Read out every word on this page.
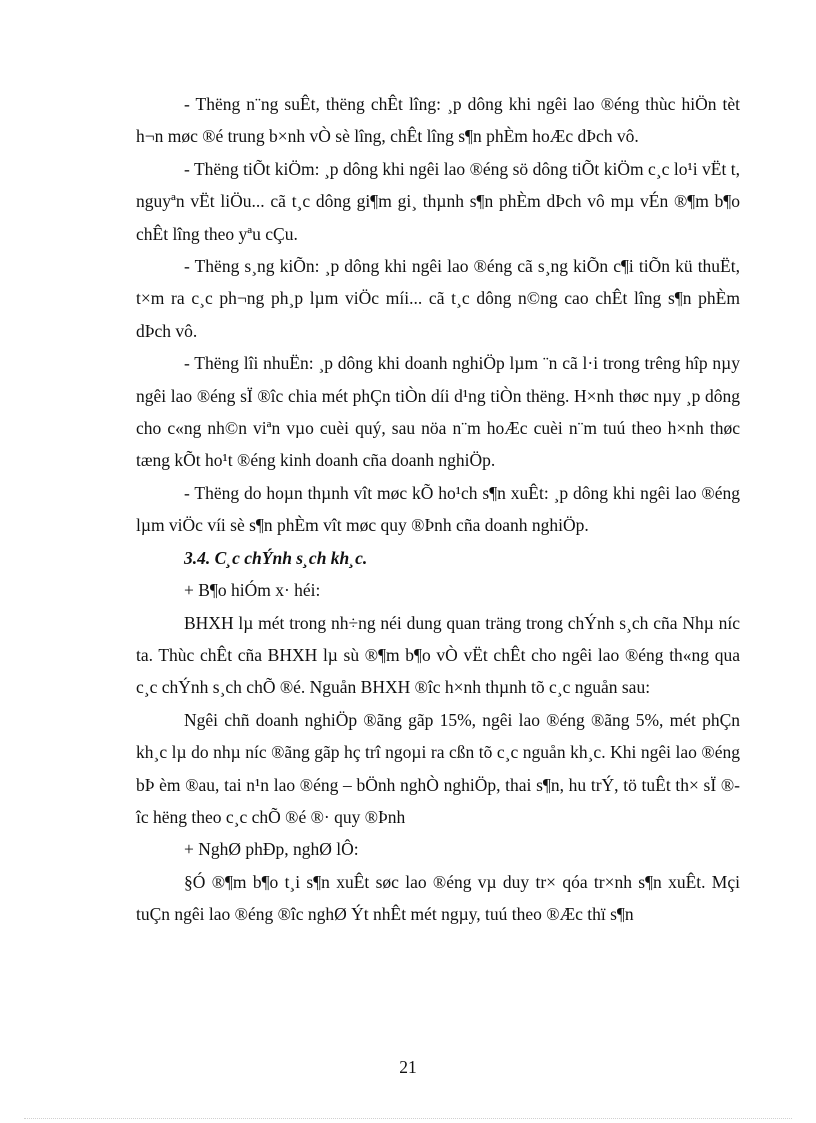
- Thëng n¨ng suÊt, thëng chÊt lîng: ¸p dông khi ngêi lao ®éng thùc hiÖn tèt h¬n møc ®é trung b×nh vÒ sè lîng, chÊt lîng s¶n phÈm hoÆc dÞch vô.

- Thëng tiÕt kiÖm: ¸p dông khi ngêi lao ®éng sö dông tiÕt kiÖm c¸c lo¹i vËt t, nguyªn vËt liÖu... cã t¸c dông gi¶m gi¸ thµnh s¶n phÈm dÞch vô mµ vÉn ®¶m b¶o chÊt lîng theo yªu cÇu.

- Thëng s¸ng kiÕn: ¸p dông khi ngêi lao ®éng cã s¸ng kiÕn c¶i tiÕn kü thuËt, t×m ra c¸c ph¬ng ph¸p lµm viÖc míi... cã t¸c dông n©ng cao chÊt lîng s¶n phÈm dÞch vô.

- Thëng lîi nhuËn: ¸p dông khi doanh nghiÖp lµm ¨n cã l·i trong trêng hîp nµy ngêi lao ®éng sÏ ®îc chia mét phÇn tiÒn díi d¹ng tiÒn thëng. H×nh thøc nµy ¸p dông cho c«ng nh©n viªn vµo cuèi quý, sau nöa n¨m hoÆc cuèi n¨m tuú theo h×nh thøc tæng kÕt ho¹t ®éng kinh doanh cña doanh nghiÖp.

- Thëng do hoµn thµnh vît møc kÕ ho¹ch s¶n xuÊt: ¸p dông khi ngêi lao ®éng lµm viÖc víi sè s¶n phÈm vît møc quy ®Þnh cña doanh nghiÖp.

3.4. C¸c chÝnh s¸ch kh¸c.

+ B¶o hiÓm x· héi:

BHXH lµ mét trong nh÷ng néi dung quan träng trong chÝnh s¸ch cña Nhµ níc ta. Thùc chÊt cña BHXH lµ sù ®¶m b¶o vÒ vËt chÊt cho ngêi lao ®éng th«ng qua c¸c chÝnh s¸ch chÕ ®é. Nguån BHXH ®îc h×nh thµnh tõ c¸c nguån sau:

Ngêi chñ doanh nghiÖp ®ãng gãp 15%, ngêi lao ®éng ®ãng 5%, mét phÇn kh¸c lµ do nhµ níc ®ãng gãp hç trî ngoµi ra cßn tõ c¸c nguån kh¸c. Khi ngêi lao ®éng bÞ èm ®au, tai n¹n lao ®éng – bÖnh nghÒ nghiÖp, thai s¶n, hu trÝ, tö tuÊt th× sÏ ®îc hëng theo c¸c chÕ ®é ®· quy ®Þnh

+ NghØ phÐp, nghØ lÔ:

§Ó ®¶m b¶o t¸i s¶n xuÊt søc lao ®éng vµ duy tr× qóa tr×nh s¶n xuÊt. Mçi tuÇn ngêi lao ®éng ®îc nghØ Ýt nhÊt mét ngµy, tuú theo ®Æc thï s¶n

21
